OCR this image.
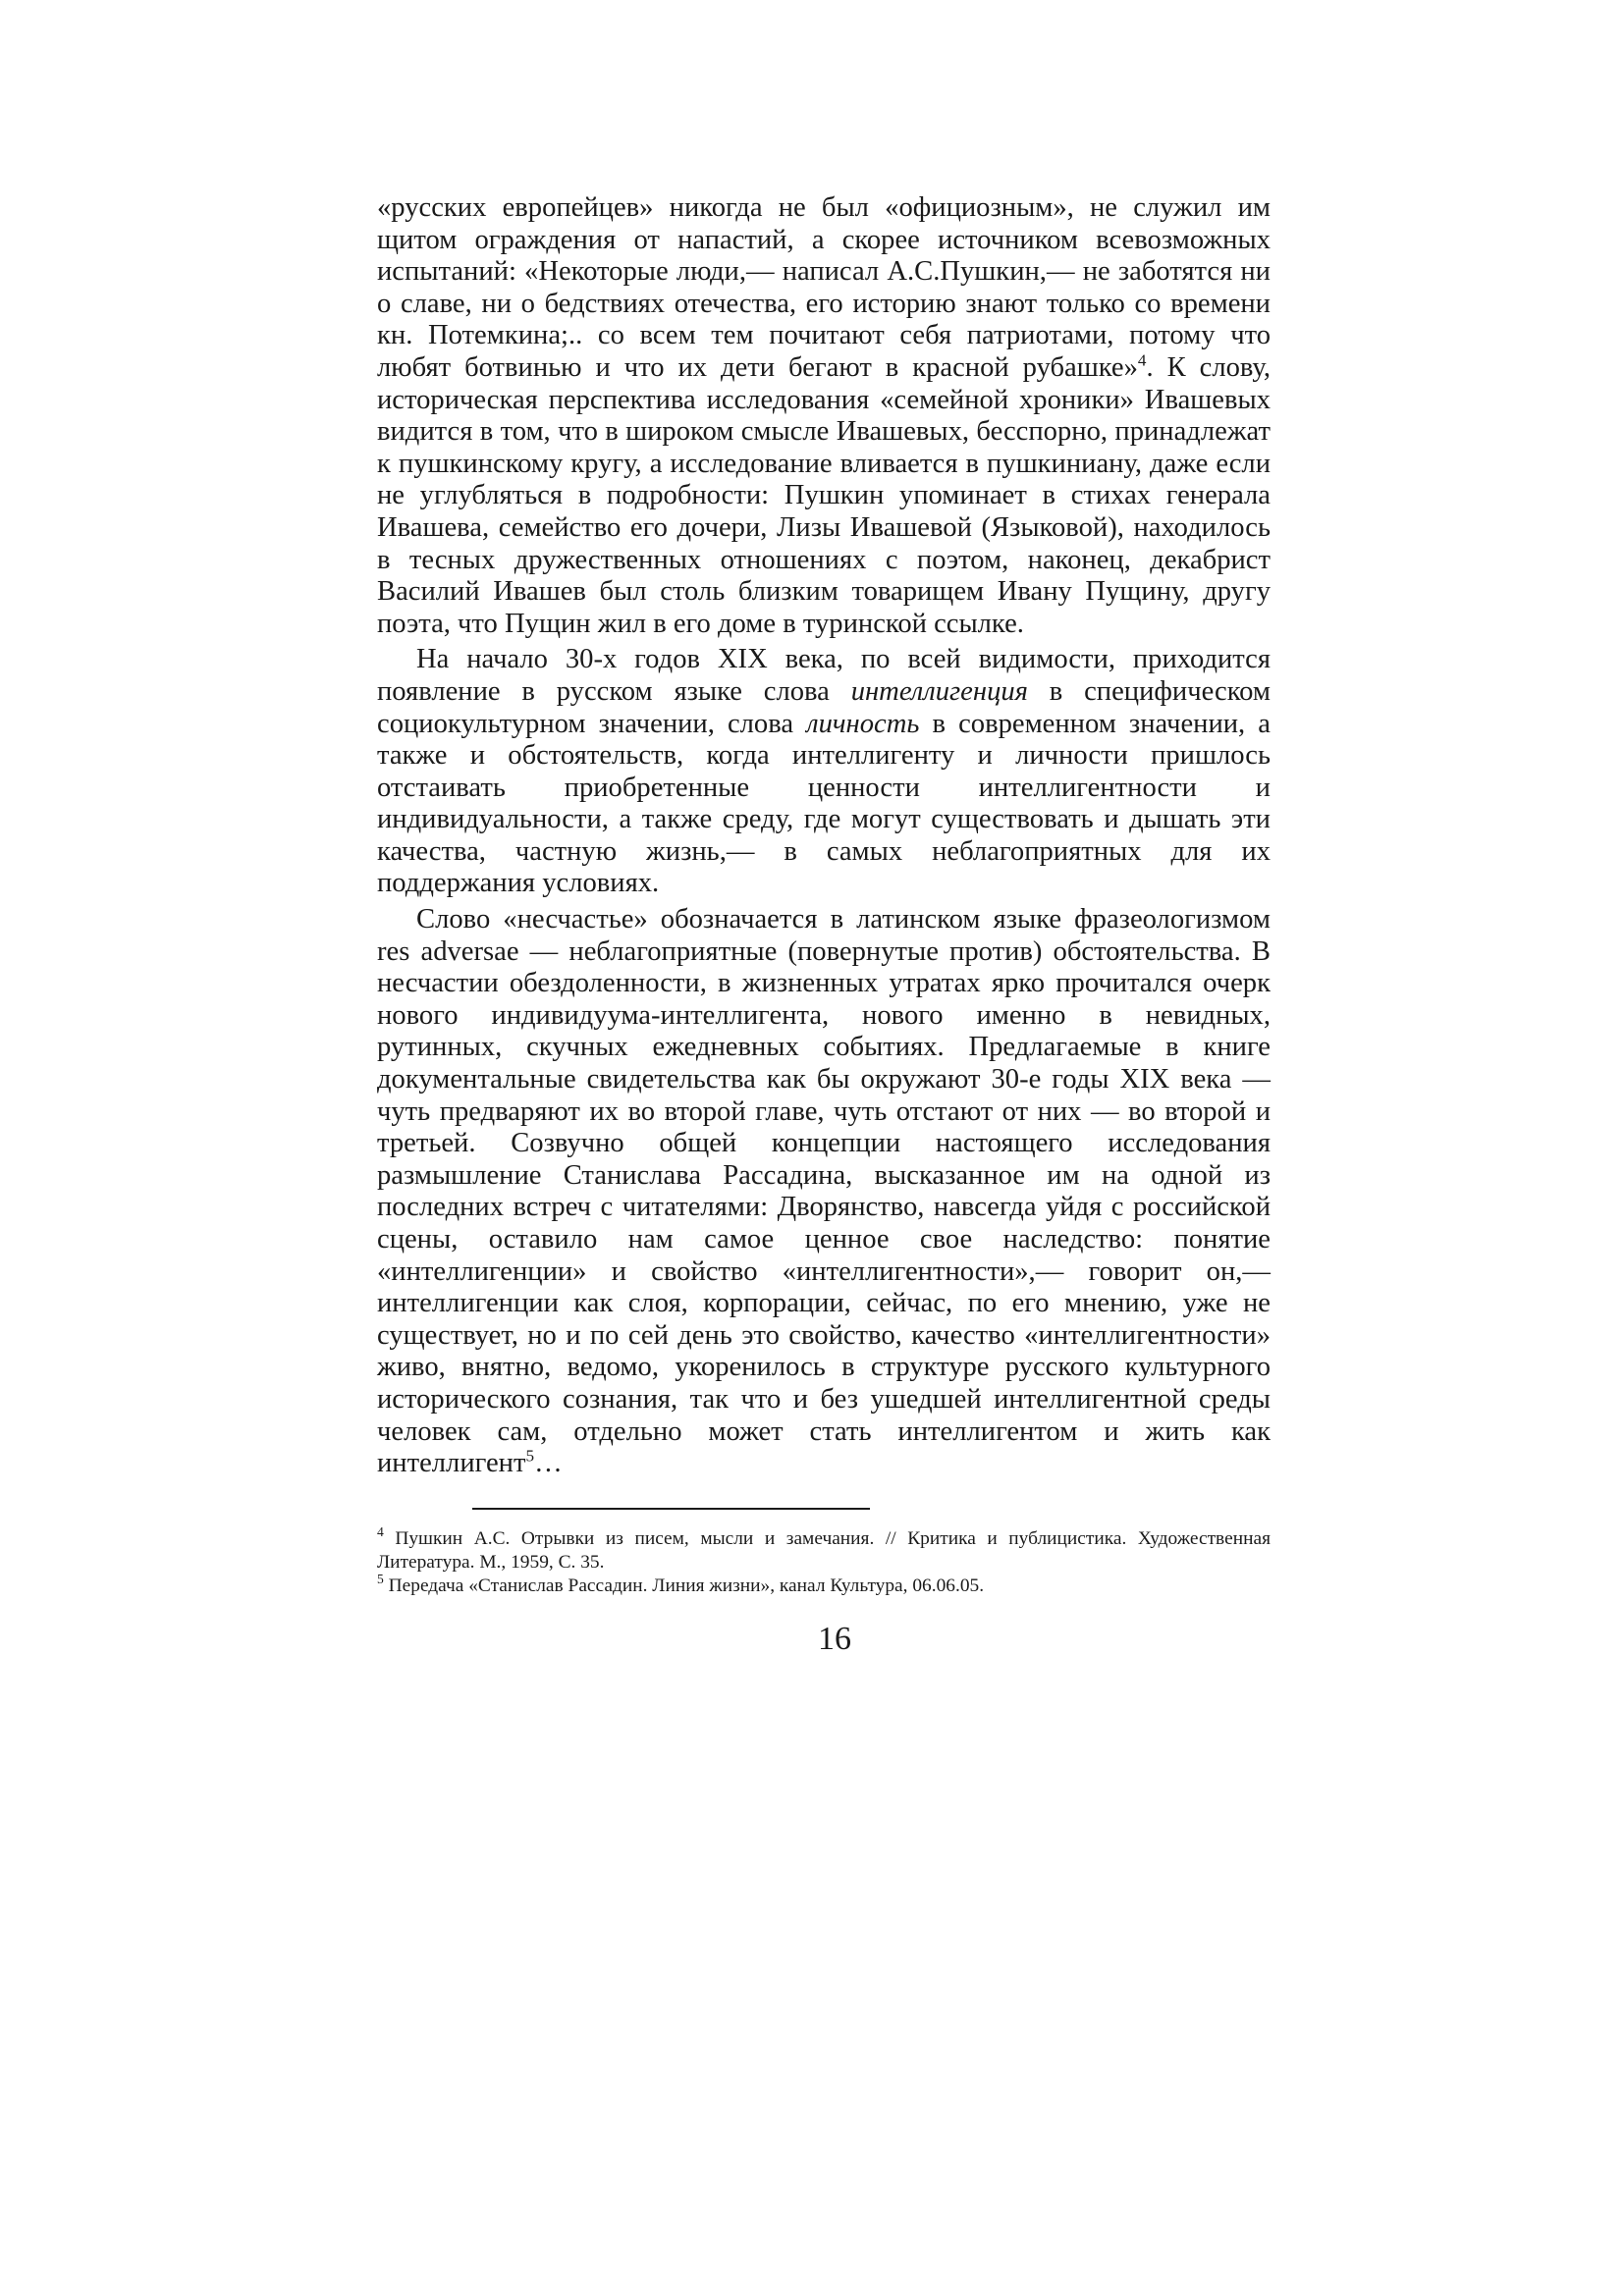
«русских европейцев» никогда не был «официозным», не служил им щитом ограждения от напастий, а скорее источником всевозможных испытаний: «Некоторые люди,— написал А.С.Пушкин,— не заботятся ни о славе, ни о бедствиях отечества, его историю знают только со времени кн. Потемкина;.. со всем тем почитают себя патриотами, потому что любят ботвинью и что их дети бегают в красной рубашке»$^4$. К слову, историческая перспектива исследования «семейной хроники» Ивашевых видится в том, что в широком смысле Ивашевых, бесспорно, принадлежат к пушкинскому кругу, а исследование вливается в пушкиниану, даже если не углубляться в подробности: Пушкин упоминает в стихах генерала Ивашева, семейство его дочери, Лизы Ивашевой (Языковой), находилось в тесных дружественных отношениях с поэтом, наконец, декабрист Василий Ивашев был столь близким товарищем Ивану Пущину, другу поэта, что Пущин жил в его доме в туринской ссылке.

На начало 30-х годов XIX века, по всей видимости, приходится появление в русском языке слова интеллигенция в специфическом социокультурном значении, слова личность в современном значении, а также и обстоятельств, когда интеллигенту и личности пришлось отстаивать приобретенные ценности интеллигентности и индивидуальности, а также среду, где могут существовать и дышать эти качества, частную жизнь,— в самых неблагоприятных для их поддержания условиях.

Слово «несчастье» обозначается в латинском языке фразеологизмом res adversae — неблагоприятные (повернутые против) обстоятельства. В несчастии обездоленности, в жизненных утратах ярко прочитался очерк нового индивидуума-интеллигента, нового именно в невидных, рутинных, скучных ежедневных событиях. Предлагаемые в книге документальные свидетельства как бы окружают 30-е годы XIX века — чуть предваряют их во второй главе, чуть отстают от них — во второй и третьей. Созвучно общей концепции настоящего исследования размышление Станислава Рассадина, высказанное им на одной из последних встреч с читателями: Дворянство, навсегда уйдя с российской сцены, оставило нам самое ценное свое наследство: понятие «интеллигенции» и свойство «интеллигентности»,— говорит он,— интеллигенции как слоя, корпорации, сейчас, по его мнению, уже не существует, но и по сей день это свойство, качество «интеллигентности» живо, внятно, ведомо, укоренилось в структуре русского культурного исторического сознания, так что и без ушедшей интеллигентной среды человек сам, отдельно может стать интеллигентом и жить как интеллигент$^5$…

$^4$ Пушкин А.С. Отрывки из писем, мысли и замечания. // Критика и публицистика. Художественная Литература. М., 1959, С. 35.

$^5$ Передача «Станислав Рассадин. Линия жизни», канал Культура, 06.06.05.

16
